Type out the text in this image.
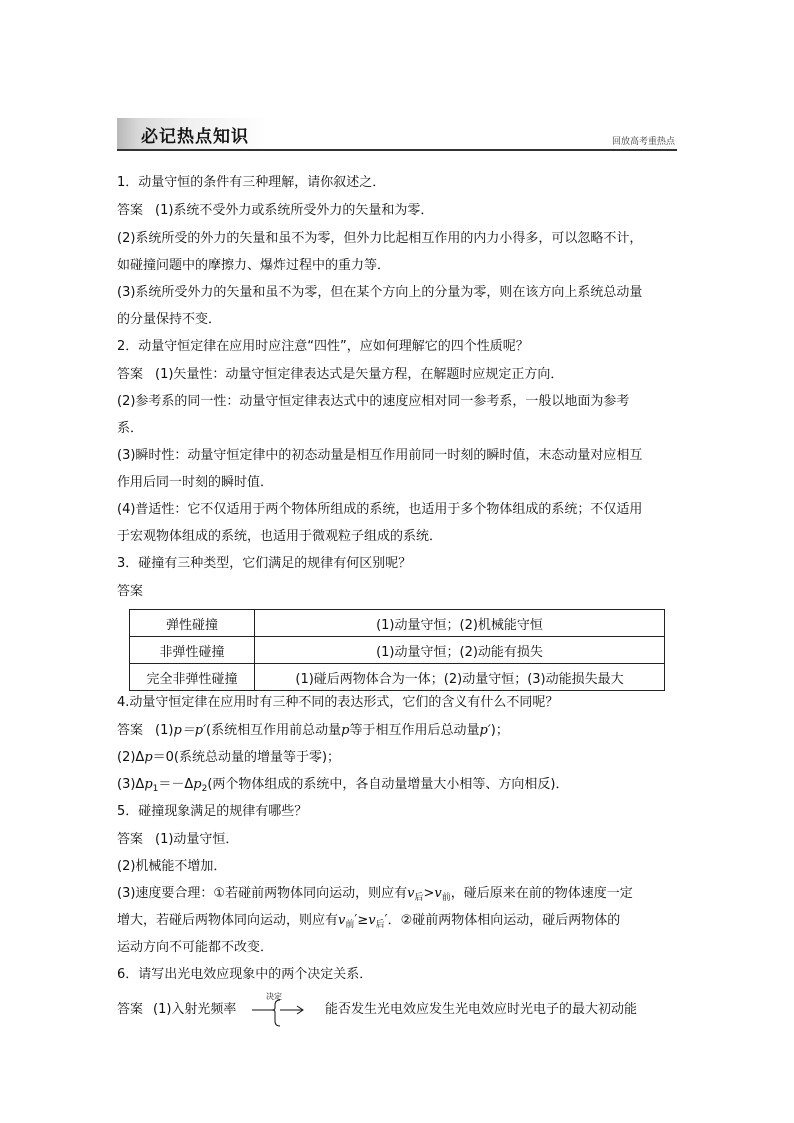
必记热点知识	回放高考重热点
1．动量守恒的条件有三种理解，请你叙述之．
答案 (1)系统不受外力或系统所受外力的矢量和为零．
(2)系统所受的外力的矢量和虽不为零，但外力比起相互作用的内力小得多，可以忽略不计，
如碰撞问题中的摩擦力、爆炸过程中的重力等．
(3)系统所受外力的矢量和虽不为零，但在某个方向上的分量为零，则在该方向上系统总动量
的分量保持不变．
2．动量守恒定律在应用时应注意“四性”，应如何理解它的四个性质呢？
答案 (1)矢量性：动量守恒定律表达式是矢量方程，在解题时应规定正方向．
(2)参考系的同一性：动量守恒定律表达式中的速度应相对同一参考系，一般以地面为参考
系．
(3)瞬时性：动量守恒定律中的初态动量是相互作用前同一时刻的瞬时值，末态动量对应相互
作用后同一时刻的瞬时值．
(4)普适性：它不仅适用于两个物体所组成的系统，也适用于多个物体组成的系统；不仅适用
于宏观物体组成的系统，也适用于微观粒子组成的系统．
3．碰撞有三种类型，它们满足的规律有何区别呢？
答案
弹性碰撞	(1)动量守恒；(2)机械能守恒
非弹性碰撞	(1)动量守恒；(2)动能有损失
完全非弹性碰撞	(1)碰后两物体合为一体；(2)动量守恒；(3)动能损失最大
4.动量守恒定律在应用时有三种不同的表达形式，它们的含义有什么不同呢？
答案 (1)p＝p′(系统相互作用前总动量p等于相互作用后总动量p′)；
(2)Δp＝0(系统总动量的增量等于零)；
$(3)\Delta p_1=-\Delta p_2$(两个物体组成的系统中，各自动量增量大小相等、方向相反)．
5．碰撞现象满足的规律有哪些？
答案 (1)动量守恒．
(2)机械能不增加．
(3)速度要合理：①若碰前两物体同向运动，则应有$v_后>v_前$，碰后原来在前的物体速度一定
增大，若碰后两物体同向运动，则应有$v_前'\ge v_后'$．②碰前两物体相向运动，碰后两物体的
运动方向不可能都不改变．
6．请写出光电效应现象中的两个决定关系．
答案 (1)入射光频率
决定
能否发生光电效应发生光电效应时光电子的最大初动能
